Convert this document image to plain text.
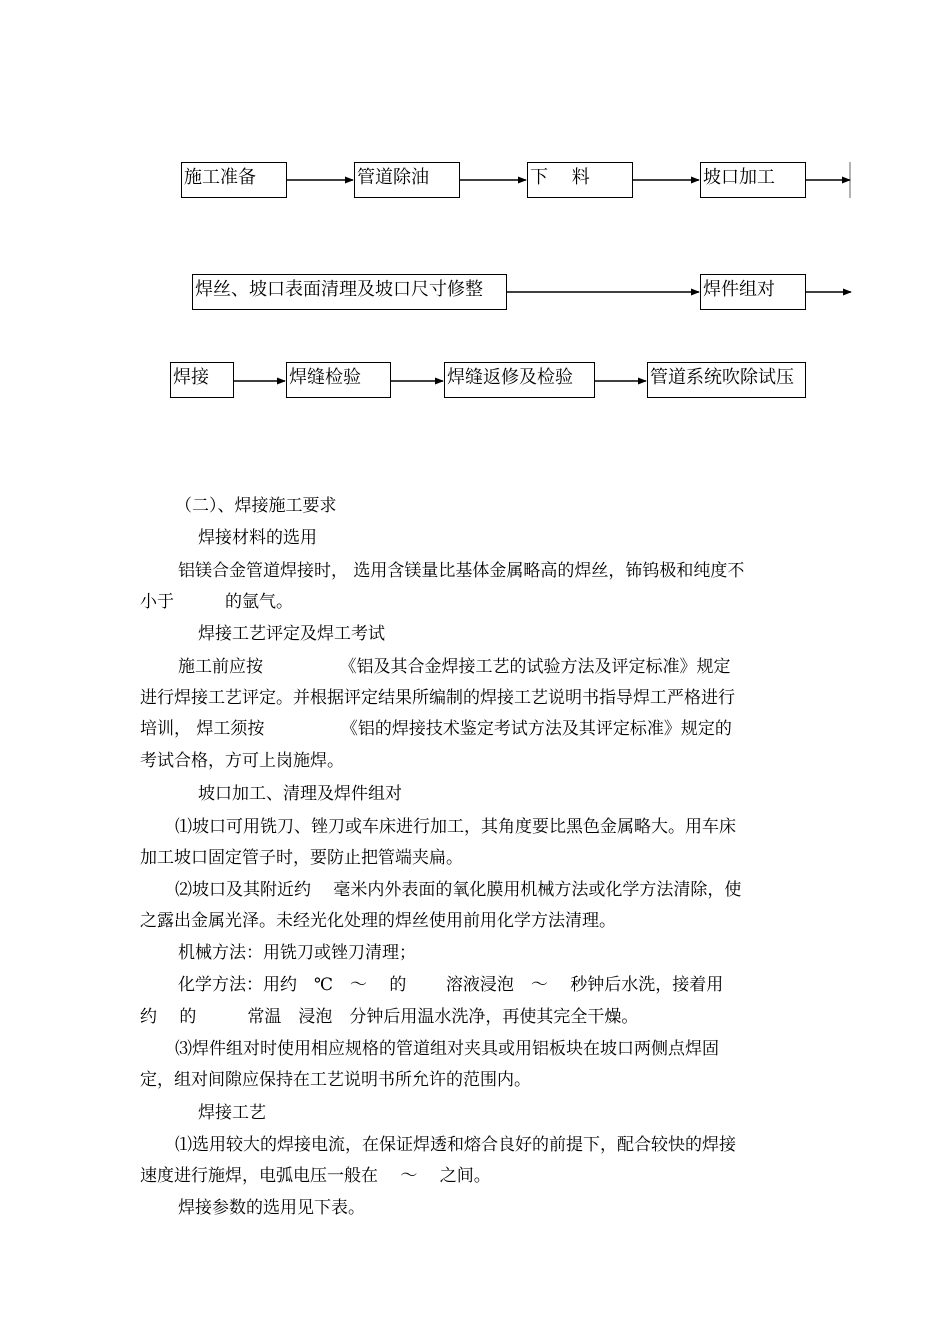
施工准备	管道除油	下　 料	坡口加工
焊丝、坡口表面清理及坡口尺寸修整	焊件组对
焊接	焊缝检验	焊缝返修及检验	管道系统吹除试压
（二）、焊接施工要求
焊接材料的选用
铝镁合金管道焊接时， 选用含镁量比基体金属略高的焊丝，钸钨极和纯度不
小于　　　的氩气。
焊接工艺评定及焊工考试
施工前应按　　　　　《铝及其合金焊接工艺的试验方法及评定标准》规定
进行焊接工艺评定。并根据评定结果所编制的焊接工艺说明书指导焊工严格进行
培训， 焊工须按　　　　　《铝的焊接技术鉴定考试方法及其评定标准》规定的
考试合格，方可上岗施焊。
坡口加工、清理及焊件组对
⑴坡口可用铣刀、锉刀或车床进行加工，其角度要比黑色金属略大。用车床
加工坡口固定管子时，要防止把管端夹扁。
⑵坡口及其附近约　 毫米内外表面的氧化膜用机械方法或化学方法清除，使
之露出金属光泽。未经光化处理的焊丝使用前用化学方法清理。
机械方法：用铣刀或锉刀清理；
化学方法：用约　℃　～　 的　　 溶液浸泡　～　 秒钟后水洗，接着用
约　 的　　　常温　浸泡　分钟后用温水洗净，再使其完全干燥。
⑶焊件组对时使用相应规格的管道组对夹具或用铝板块在坡口两侧点焊固
定，组对间隙应保持在工艺说明书所允许的范围内。
焊接工艺
⑴选用较大的焊接电流，在保证焊透和熔合良好的前提下，配合较快的焊接
速度进行施焊，电弧电压一般在　 ～　 之间。
焊接参数的选用见下表。
